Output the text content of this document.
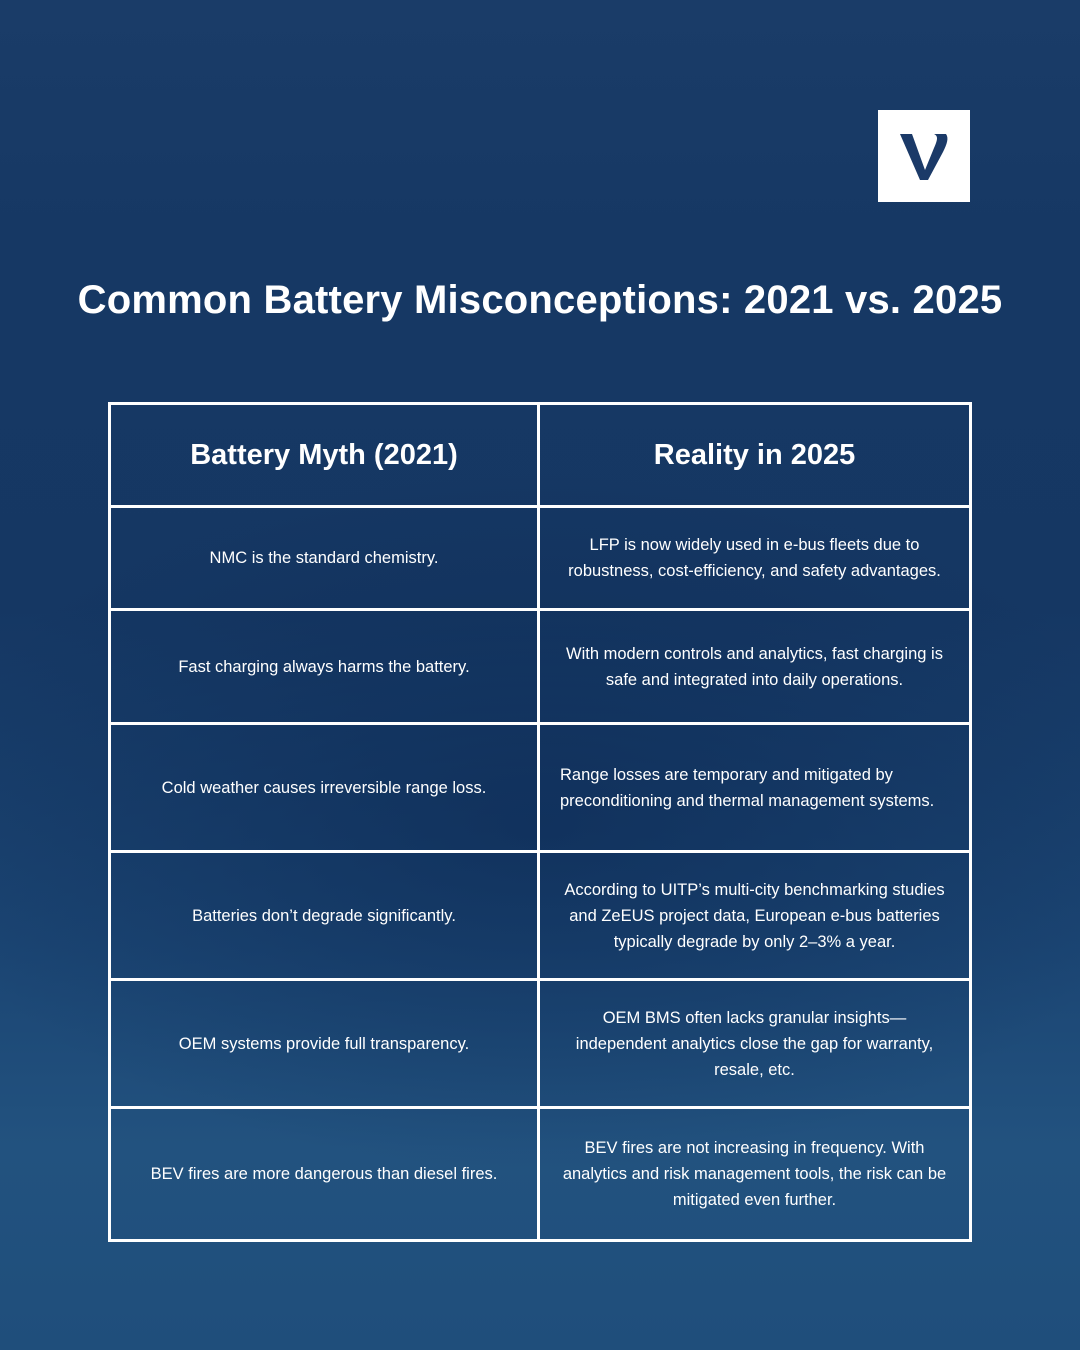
Common Battery Misconceptions: 2021 vs. 2025
Battery Myth (2021)	Reality in 2025
NMC is the standard chemistry.
LFP is now widely used in e-bus fleets due to robustness, cost-efficiency, and safety advantages.
Fast charging always harms the battery.
With modern controls and analytics, fast charging is safe and integrated into daily operations.
Cold weather causes irreversible range loss.
Range losses are temporary and mitigated by preconditioning and thermal management systems.
Batteries don’t degrade significantly.
According to UITP’s multi-city benchmarking studies and ZeEUS project data, European e-bus batteries typically degrade by only 2–3% a year.
OEM systems provide full transparency.
OEM BMS often lacks granular insights—independent analytics close the gap for warranty, resale, etc.
BEV fires are more dangerous than diesel fires.
BEV fires are not increasing in frequency. With analytics and risk management tools, the risk can be mitigated even further.
